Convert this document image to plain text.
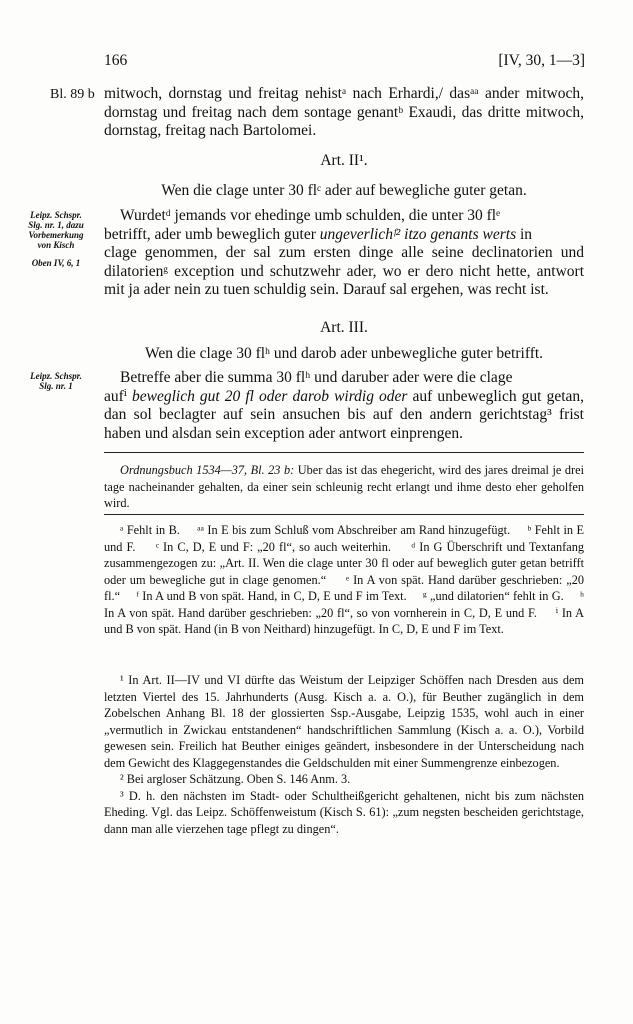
166	[IV, 30, 1—3]
Bl. 89 b mitwoch, dornstag und freitag nehistᵃ nach Erhardi,/ dasᵃᵃ ander mitwoch, dornstag und freitag nach dem sontage genantᵇ Exaudi, das dritte mitwoch, dornstag, freitag nach Bartolomei.
Art. II¹.
Wen die clage unter 30 flᶜ ader auf bewegliche guter getan.
Leipz. Schspr.
Slg. nr. 1, dazu
Vorbemerkung
von Kisch
Oben IV, 6, 1

Wurdetᵈ jemands vor ehedinge umb schulden, die unter 30 flᵉ

betrifft, ader umb beweglich guter ungeverlichᶠ² itzo genants werts in

clage genommen, der sal zum ersten dinge alle seine declinatorien und dilatorienᵍ exception und schutzwehr ader, wo er dero nicht hette, antwort mit ja ader nein zu tuen schuldig sein. Darauf sal ergehen, was recht ist.

Art. III.
Wen die clage 30 flʰ und darob ader unbewegliche guter betrifft.
Leipz. Schspr.
Slg. nr. 1	Betreffe aber die summa 30 flʰ und daruber ader were die clage

aufⁱ beweglich gut 20 fl oder darob wirdig oder auf unbeweglich gut getan, dan sol beclagter auf sein ansuchen bis auf den andern gerichtstag³ frist haben und alsdan sein exception ader antwort einprengen.

Ordnungsbuch 1534—37, Bl. 23 b: Uber das ist das ehegericht, wird des jares dreimal je drei tage nacheinander gehalten, da einer sein schleunig recht erlangt und ihme desto eher geholfen wird.

ᵃ Fehlt in B.     ᵃᵃ In E bis zum Schluß vom Abschreiber am Rand hinzugefügt.     ᵇ Fehlt in E und F.     ᶜ In C, D, E und F: „20 fl“, so auch weiterhin.     ᵈ In G Überschrift und Textanfang zusammengezogen zu: „Art. II. Wen die clage unter 30 fl oder auf beweglich guter getan betrifft oder um bewegliche gut in clage genomen.“     ᵉ In A von spät. Hand darüber geschrieben: „20 fl.“     ᶠ In A und B von spät. Hand, in C, D, E und F im Text.     ᵍ „und dilatorien“ fehlt in G.     ʰ In A von spät. Hand darüber geschrieben: „20 fl“, so von vornherein in C, D, E und F.     ⁱ In A und B von spät. Hand (in B von Neithard) hinzugefügt. In C, D, E und F im Text.

¹ In Art. II—IV und VI dürfte das Weistum der Leipziger Schöffen nach Dresden aus dem letzten Viertel des 15. Jahrhunderts (Ausg. Kisch a. a. O.), für Beuther zugänglich in dem Zobelschen Anhang Bl. 18 der glossierten Ssp.-Ausgabe, Leipzig 1535, wohl auch in einer „vermutlich in Zwickau entstandenen“ handschriftlichen Sammlung (Kisch a. a. O.), Vorbild gewesen sein. Freilich hat Beuther einiges geändert, insbesondere in der Unterscheidung nach dem Gewicht des Klaggegenstandes die Geldschulden mit einer Summengrenze einbezogen.

² Bei argloser Schätzung. Oben S. 146 Anm. 3.

³ D. h. den nächsten im Stadt- oder Schultheißgericht gehaltenen, nicht bis zum nächsten Eheding. Vgl. das Leipz. Schöffenweistum (Kisch S. 61): „zum negsten bescheiden gerichtstage, dann man alle vierzehen tage pflegt zu dingen“.
